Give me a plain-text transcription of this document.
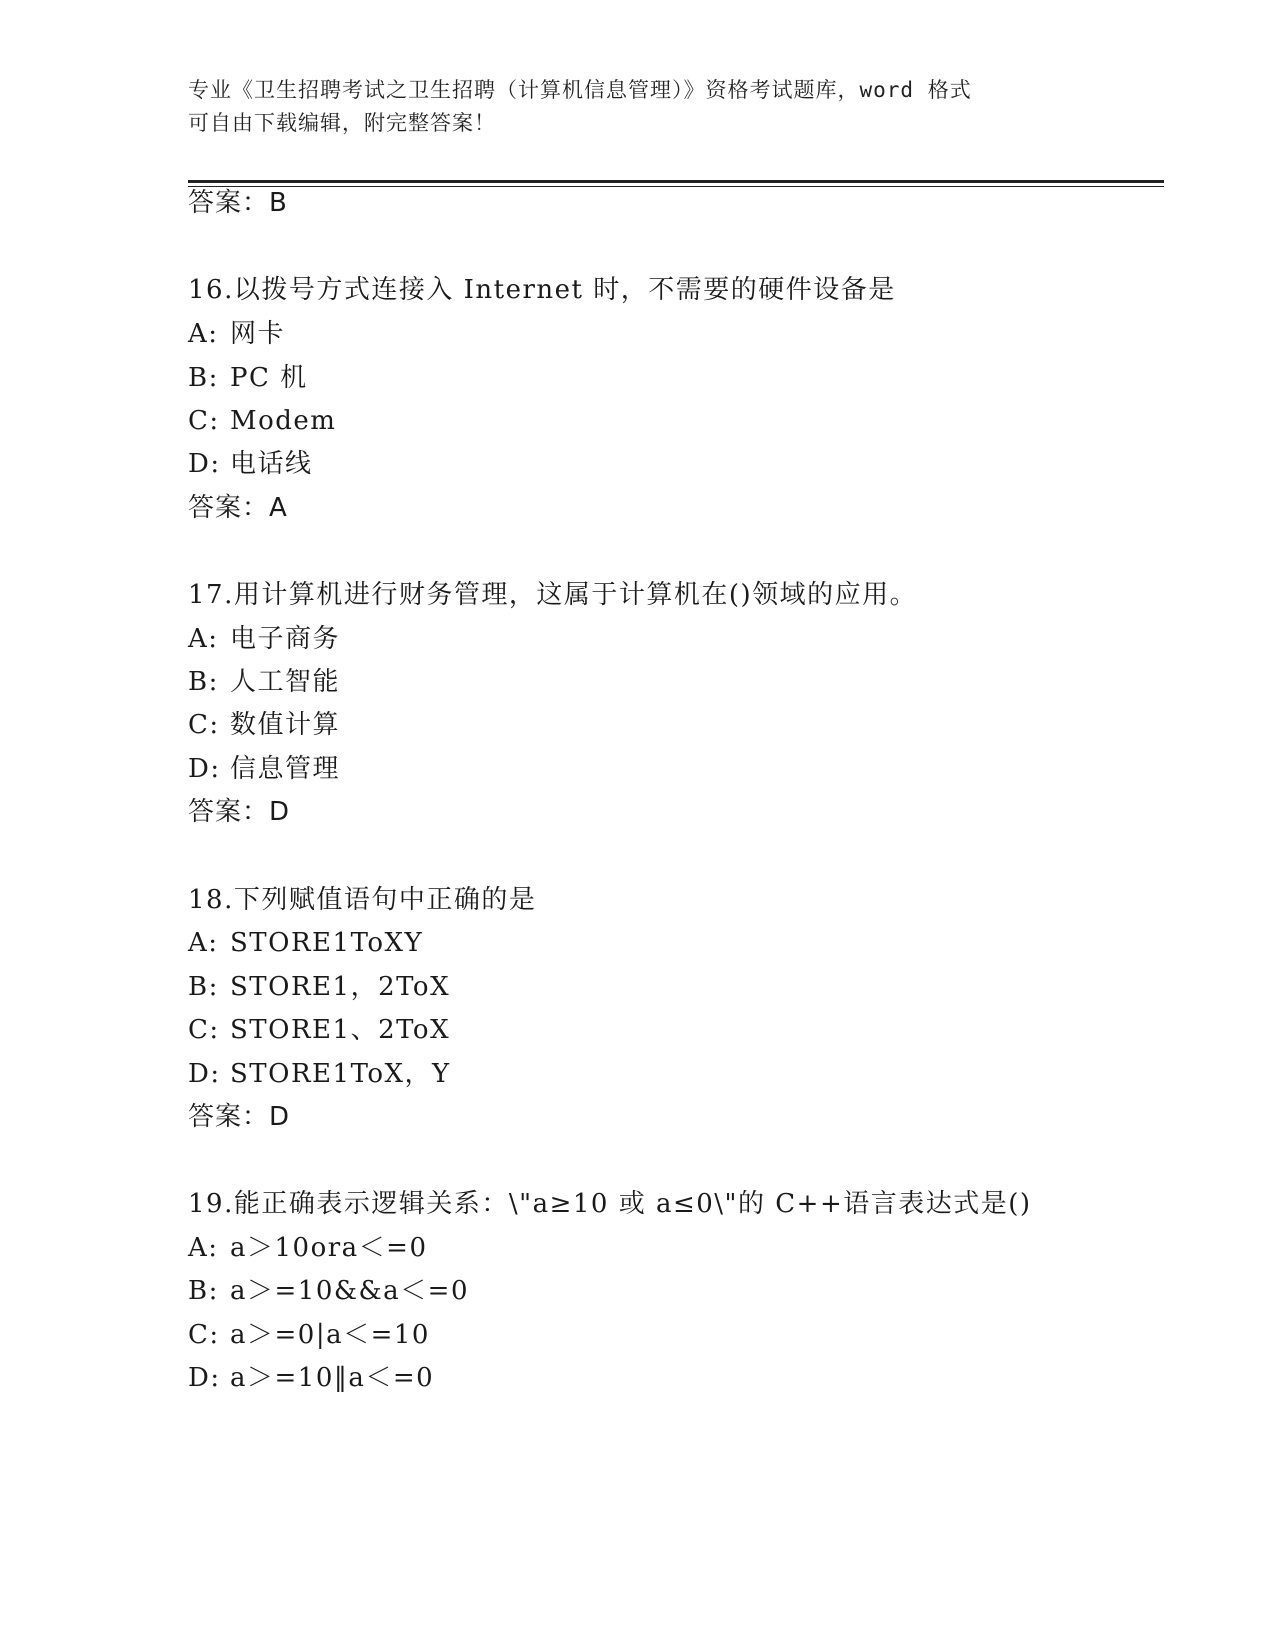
专业《卫生招聘考试之卫生招聘（计算机信息管理）》资格考试题库，word 格式
可自由下载编辑，附完整答案！
答案：B
16.以拨号方式连接入 Internet 时，不需要的硬件设备是
A: 网卡
B: PC 机
C: Modem
D: 电话线
答案：A
17.用计算机进行财务管理，这属于计算机在()领域的应用。
A: 电子商务
B: 人工智能
C: 数值计算
D: 信息管理
答案：D
18.下列赋值语句中正确的是
A: STORE1ToXY
B: STORE1，2ToX
C: STORE1、2ToX
D: STORE1ToX，Y
答案：D
19.能正确表示逻辑关系：\"a≥10 或 a≤0\"的 C++语言表达式是()
A: a＞10ora＜=0
B: a＞=10&&a＜=0
C: a＞=0|a＜=10
D: a＞=10‖a＜=0
